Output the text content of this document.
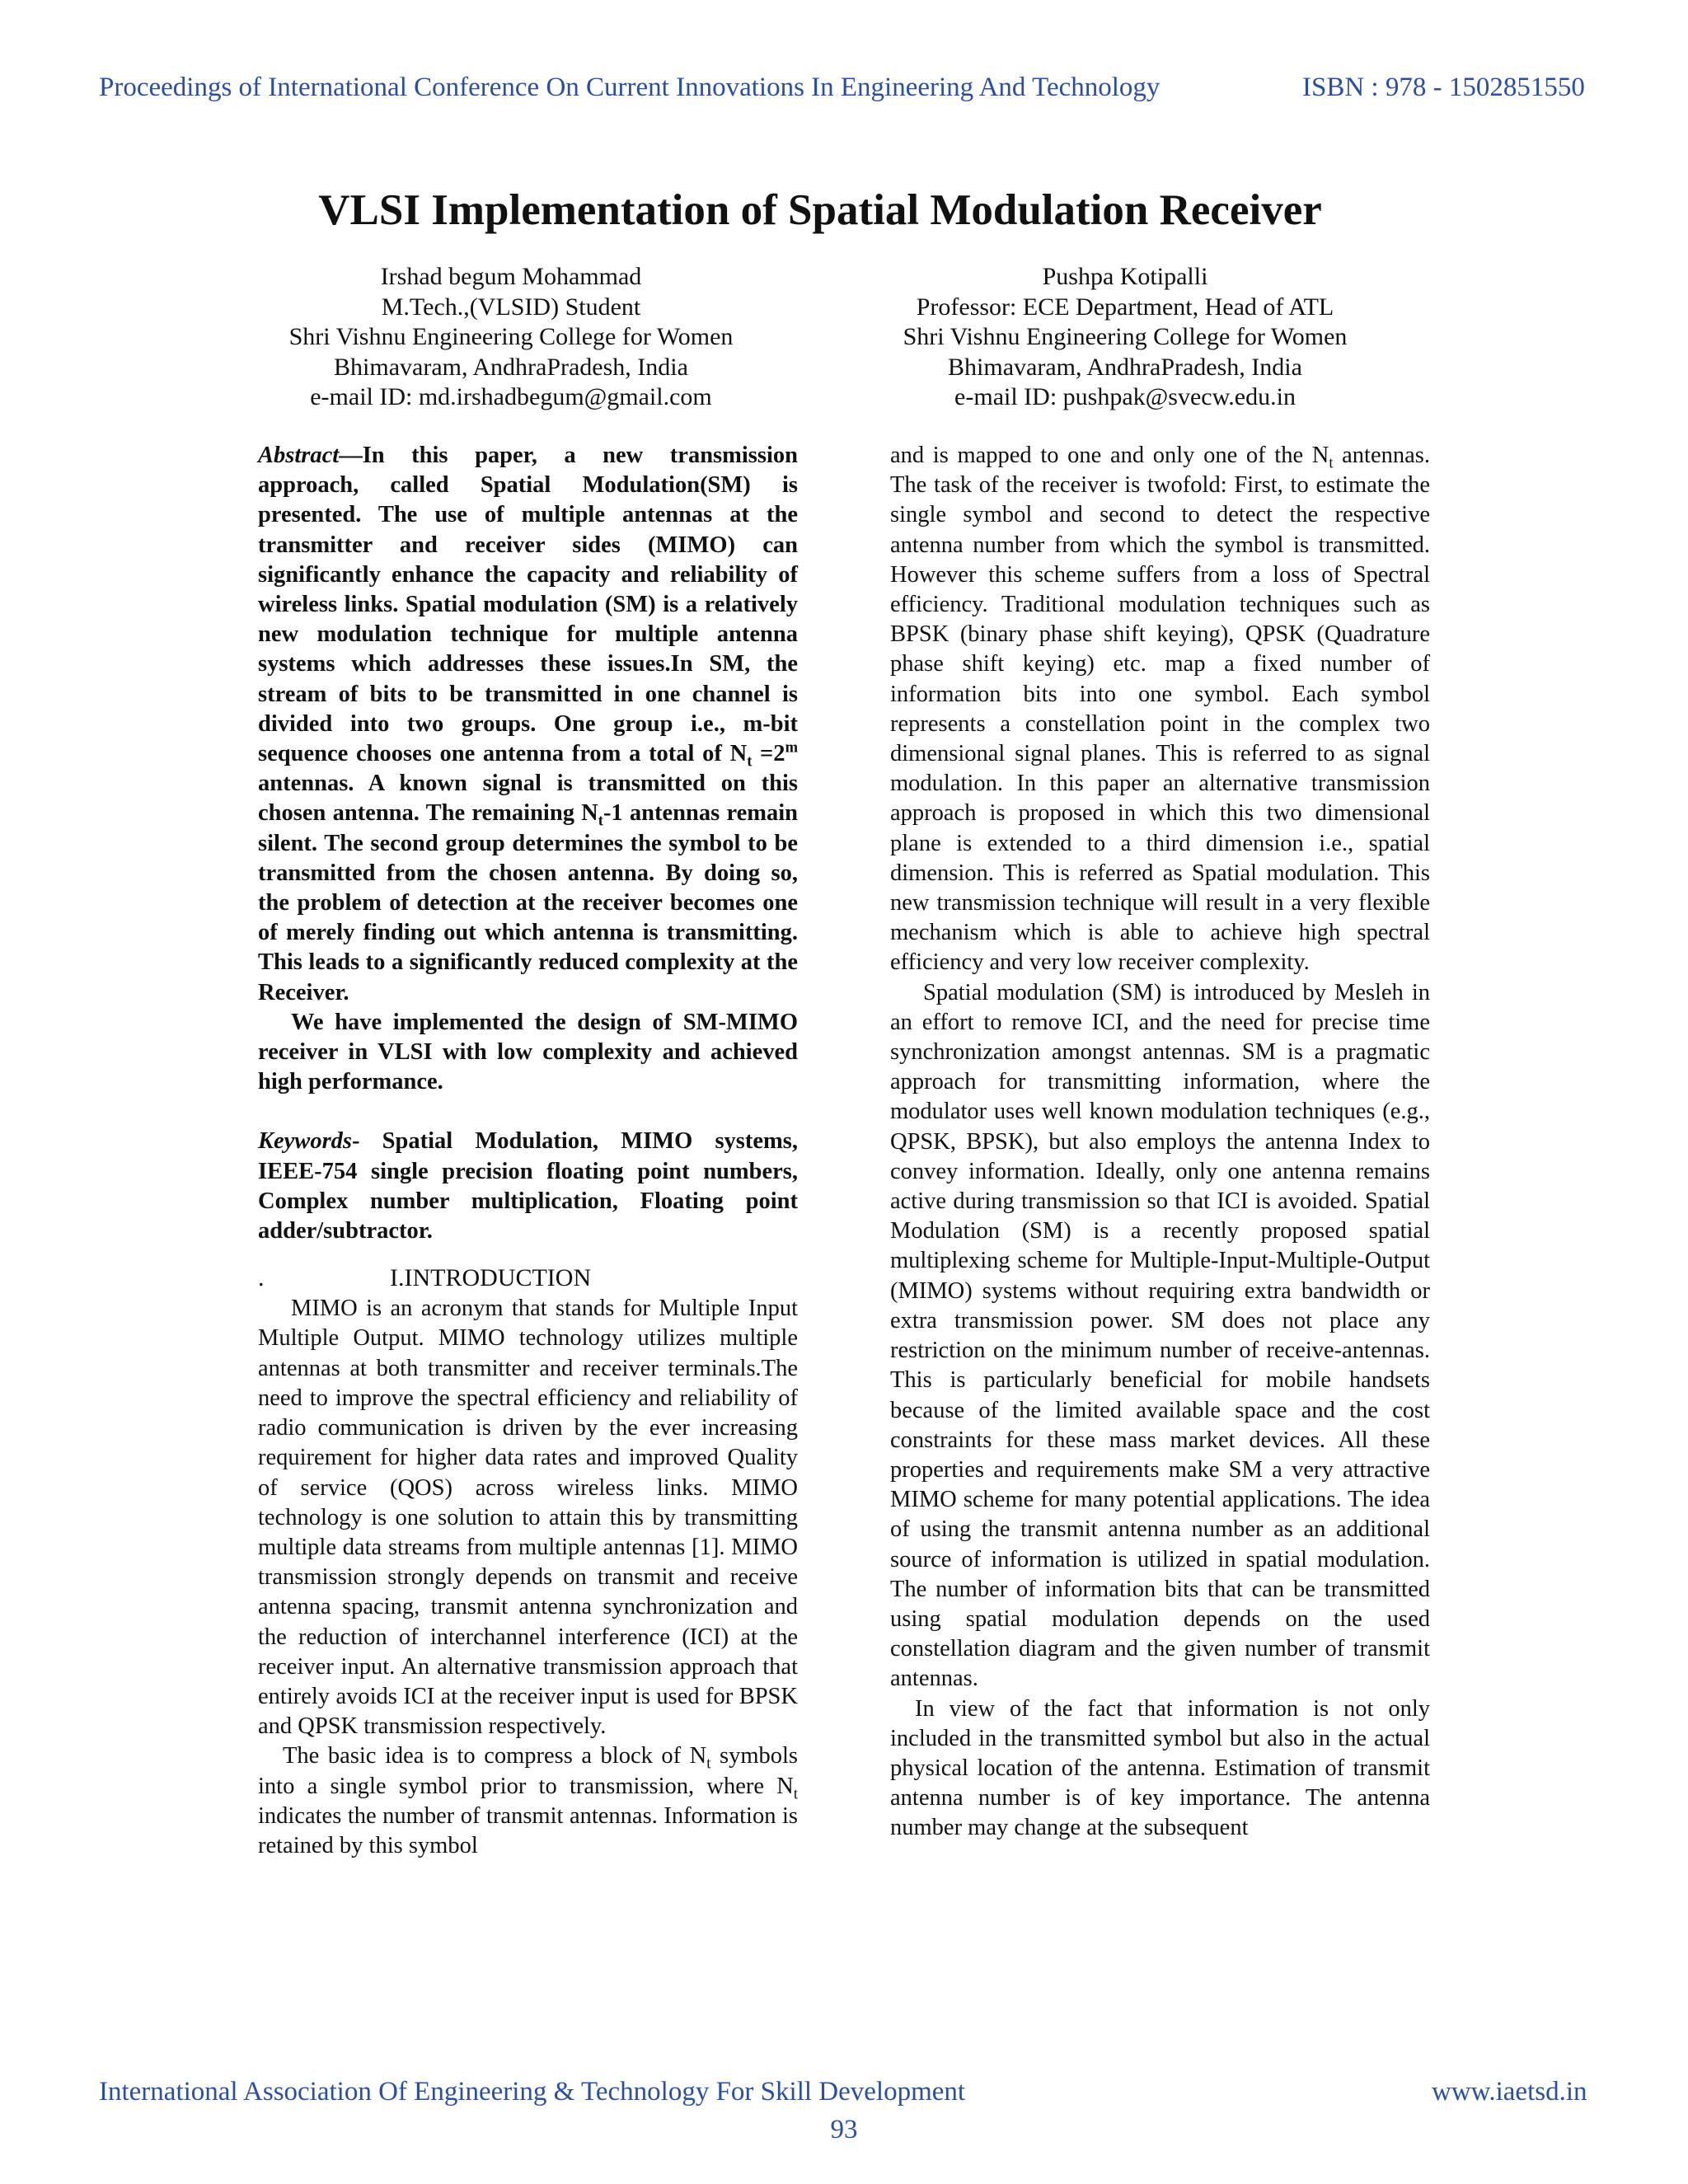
Proceedings of International Conference On Current Innovations In Engineering And Technology	ISBN : 978 - 1502851550
VLSI Implementation of Spatial Modulation Receiver
Irshad begum Mohammad
M.Tech.,(VLSID) Student
Shri Vishnu Engineering College for Women
Bhimavaram, AndhraPradesh, India
e-mail ID: md.irshadbegum@gmail.com
Pushpa Kotipalli
Professor: ECE Department, Head of ATL
Shri Vishnu Engineering College for Women
Bhimavaram, AndhraPradesh, India
e-mail ID: pushpak@svecw.edu.in

Abstract—In this paper, a new transmission approach, called Spatial Modulation(SM) is presented. The use of multiple antennas at the transmitter and receiver sides (MIMO) can significantly enhance the capacity and reliability of wireless links. Spatial modulation (SM) is a relatively new modulation technique for multiple antenna systems which addresses these issues.In SM, the stream of bits to be transmitted in one channel is divided into two groups. One group i.e., m-bit sequence chooses one antenna from a total of $N_t =2^m$ antennas. A known signal is transmitted on this chosen antenna. The remaining $N_t-1$ antennas remain silent. The second group determines the symbol to be transmitted from the chosen antenna. By doing so, the problem of detection at the receiver becomes one of merely finding out which antenna is transmitting. This leads to a significantly reduced complexity at the Receiver.

We have implemented the design of SM-MIMO receiver in VLSI with low complexity and achieved high performance.

Keywords- Spatial Modulation, MIMO systems, IEEE-754 single precision floating point numbers, Complex number multiplication, Floating point adder/subtractor.

.	I.INTRODUCTION

MIMO is an acronym that stands for Multiple Input Multiple Output. MIMO technology utilizes multiple antennas at both transmitter and receiver terminals.The need to improve the spectral efficiency and reliability of radio communication is driven by the ever increasing requirement for higher data rates and improved Quality of service (QOS) across wireless links. MIMO technology is one solution to attain this by transmitting multiple data streams from multiple antennas [1]. MIMO transmission strongly depends on transmit and receive antenna spacing, transmit antenna synchronization and the reduction of interchannel interference (ICI) at the receiver input. An alternative transmission approach that entirely avoids ICI at the receiver input is used for BPSK and QPSK transmission respectively.

The basic idea is to compress a block of $N_t$ symbols into a single symbol prior to transmission, where $N_t$ indicates the number of transmit antennas. Information is retained by this symbol

and is mapped to one and only one of the $N_t$ antennas. The task of the receiver is twofold: First, to estimate the single symbol and second to detect the respective antenna number from which the symbol is transmitted. However this scheme suffers from a loss of Spectral efficiency. Traditional modulation techniques such as BPSK (binary phase shift keying), QPSK (Quadrature phase shift keying) etc. map a fixed number of information bits into one symbol. Each symbol represents a constellation point in the complex two dimensional signal planes. This is referred to as signal modulation. In this paper an alternative transmission approach is proposed in which this two dimensional plane is extended to a third dimension i.e., spatial dimension. This is referred as Spatial modulation. This new transmission technique will result in a very flexible mechanism which is able to achieve high spectral efficiency and very low receiver complexity.

Spatial modulation (SM) is introduced by Mesleh in an effort to remove ICI, and the need for precise time synchronization amongst antennas. SM is a pragmatic approach for transmitting information, where the modulator uses well known modulation techniques (e.g., QPSK, BPSK), but also employs the antenna Index to convey information. Ideally, only one antenna remains active during transmission so that ICI is avoided. Spatial Modulation (SM) is a recently proposed spatial multiplexing scheme for Multiple-Input-Multiple-Output (MIMO) systems without requiring extra bandwidth or extra transmission power. SM does not place any restriction on the minimum number of receive-antennas. This is particularly beneficial for mobile handsets because of the limited available space and the cost constraints for these mass market devices. All these properties and requirements make SM a very attractive MIMO scheme for many potential applications. The idea of using the transmit antenna number as an additional source of information is utilized in spatial modulation. The number of information bits that can be transmitted using spatial modulation depends on the used constellation diagram and the given number of transmit antennas.

In view of the fact that information is not only included in the transmitted symbol but also in the actual physical location of the antenna. Estimation of transmit antenna number is of key importance. The antenna number may change at the subsequent

International Association Of Engineering & Technology For Skill Development	www.iaetsd.in
93
